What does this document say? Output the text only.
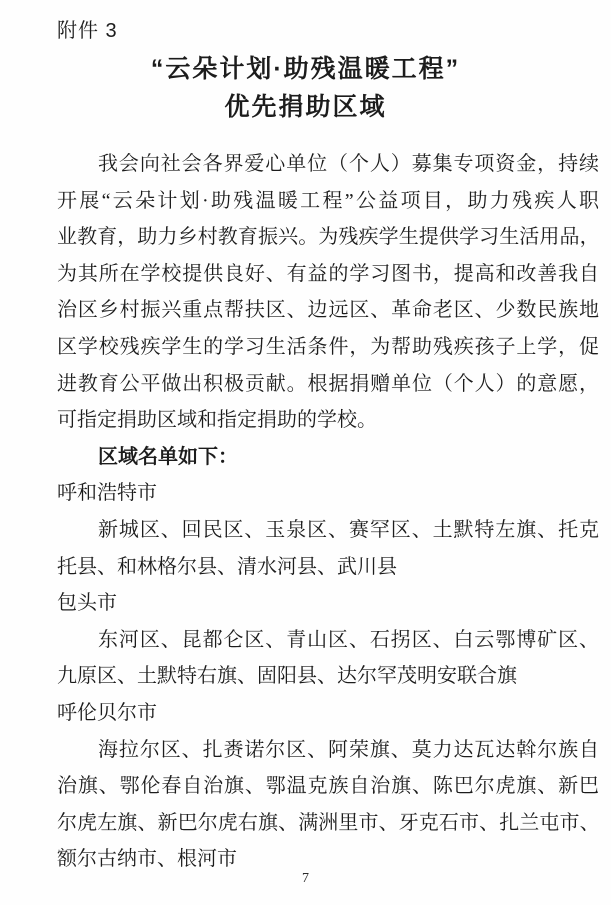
附件 3
“云朵计划·助残温暖工程”
优先捐助区域
我会向社会各界爱心单位（个人）募集专项资金，持续
开展“云朵计划·助残温暖工程”公益项目，助力残疾人职
业教育，助力乡村教育振兴。为残疾学生提供学习生活用品，
为其所在学校提供良好、有益的学习图书，提高和改善我自
治区乡村振兴重点帮扶区、边远区、革命老区、少数民族地
区学校残疾学生的学习生活条件，为帮助残疾孩子上学，促
进教育公平做出积极贡献。根据捐赠单位（个人）的意愿，
可指定捐助区域和指定捐助的学校。
区域名单如下：
呼和浩特市
新城区、回民区、玉泉区、赛罕区、土默特左旗、托克
托县、和林格尔县、清水河县、武川县
包头市
东河区、昆都仑区、青山区、石拐区、白云鄂博矿区、
九原区、土默特右旗、固阳县、达尔罕茂明安联合旗
呼伦贝尔市
海拉尔区、扎赉诺尔区、阿荣旗、莫力达瓦达斡尔族自
治旗、鄂伦春自治旗、鄂温克族自治旗、陈巴尔虎旗、新巴
尔虎左旗、新巴尔虎右旗、满洲里市、牙克石市、扎兰屯市、
额尔古纳市、根河市
7
